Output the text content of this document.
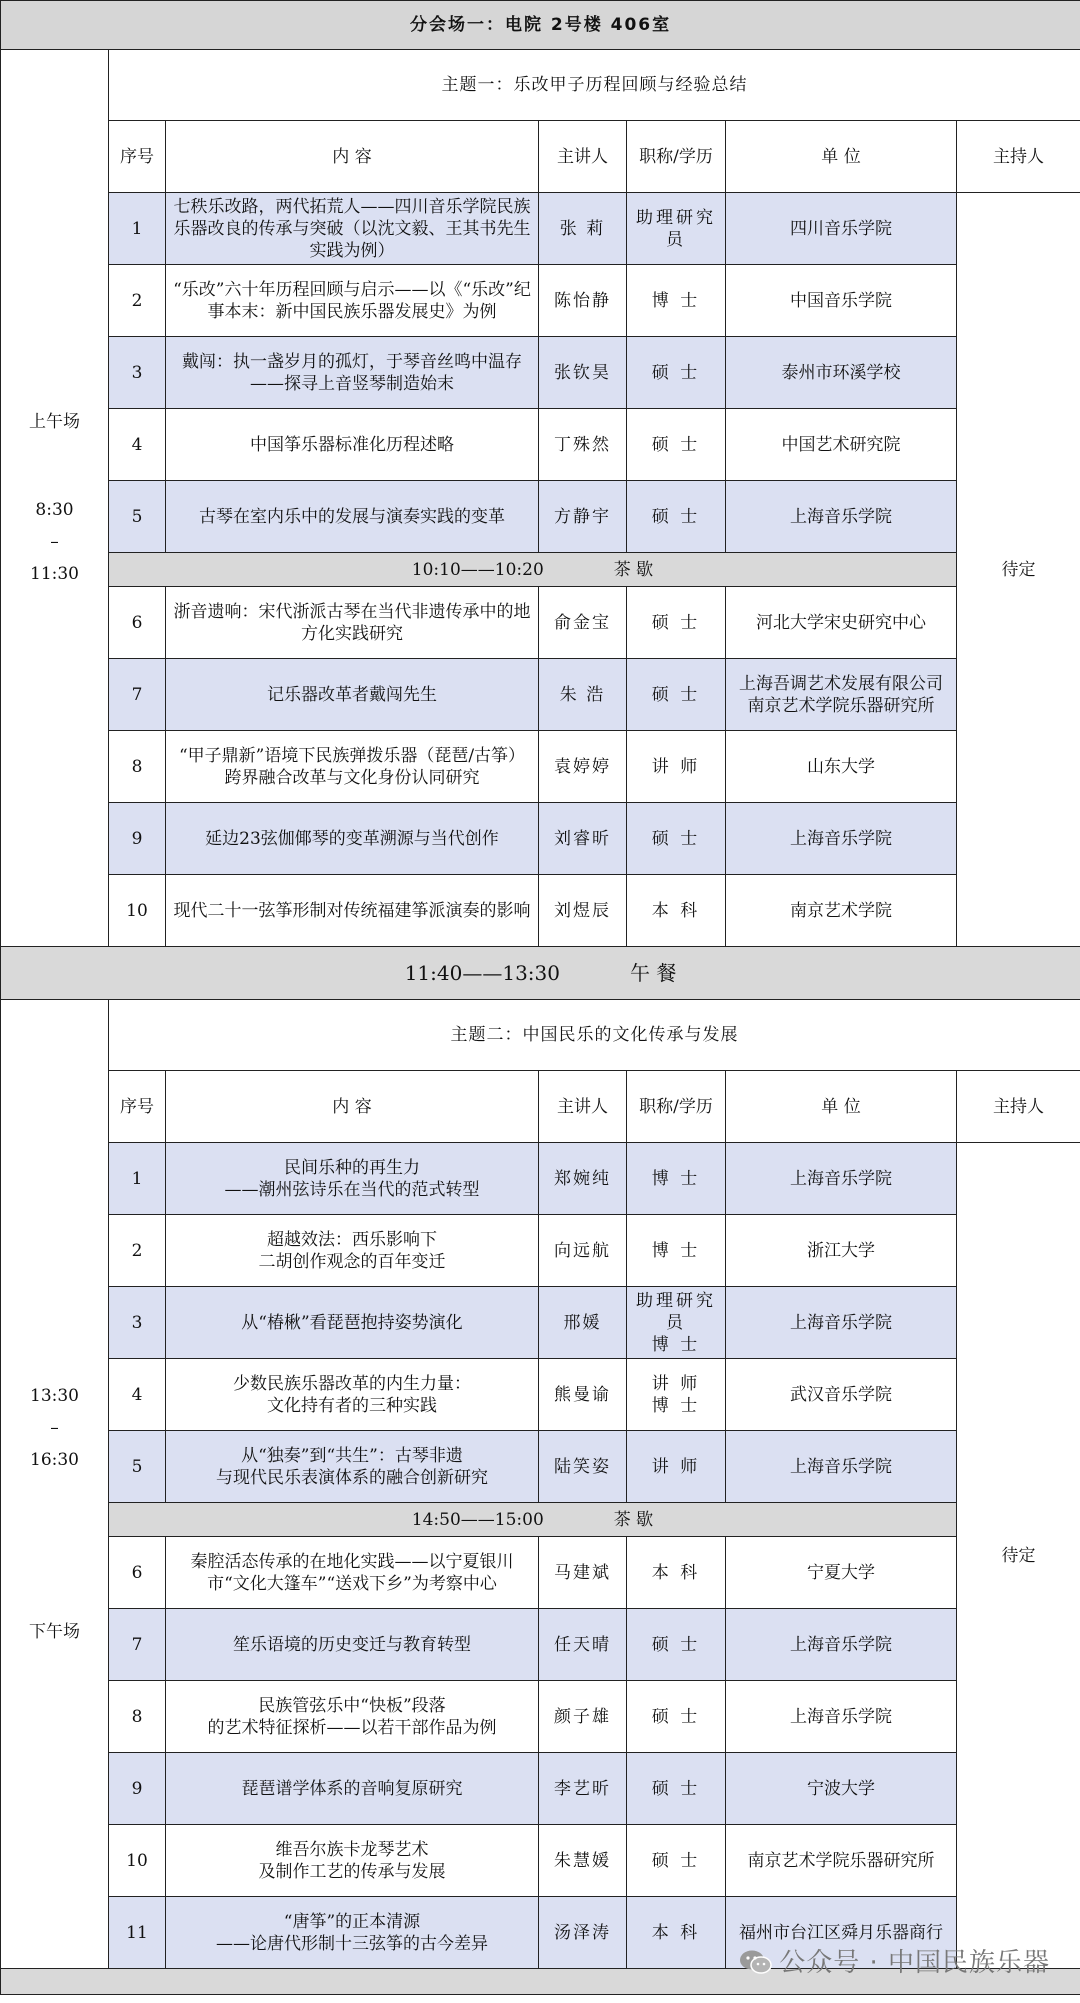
分会场一：电院 2号楼 406室						

上午场
8:30
–
11:30	主题一：乐改甲子历程回顾与经验总结					
	序号	内 容	主讲人	职称/学历	单 位	主持人
	1	七秩乐改路，两代拓荒人——四川音乐学院民族乐器改良的传承与突破（以沈文毅、王其书先生实践为例）	张 莉	助理研究员	四川音乐学院	待定
	2	“乐改”六十年历程回顾与启示——以《“乐改”纪事本末：新中国民族乐器发展史》为例	陈怡静	博 士	中国音乐学院	
	3	戴闯：执一盏岁月的孤灯，于琴音丝鸣中温存——探寻上音竖琴制造始末	张钦昊	硕 士	泰州市环溪学校	
	4	中国筝乐器标准化历程述略	丁殊然	硕 士	中国艺术研究院	
	5	古琴在室内乐中的发展与演奏实践的变革	方静宇	硕 士	上海音乐学院	
	10:10——10:20 茶 歇					
	6	浙音遗响：宋代浙派古琴在当代非遗传承中的地方化实践研究	俞金宝	硕 士	河北大学宋史研究中心	
	7	记乐器改革者戴闯先生	朱 浩	硕 士	上海吾调艺术发展有限公司
南京艺术学院乐器研究所	
	8	“甲子鼎新”语境下民族弹拨乐器（琵琶/古筝）跨界融合改革与文化身份认同研究	袁婷婷	讲 师	山东大学	
	9	延边23弦伽倻琴的变革溯源与当代创作	刘睿昕	硕 士	上海音乐学院	
	10	现代二十一弦筝形制对传统福建筝派演奏的影响	刘煜辰	本 科	南京艺术学院	
11:40——13:30 午 餐						

13:30
–
16:30
下午场	主题二：中国民乐的文化传承与发展					
	序号	内 容	主讲人	职称/学历	单 位	主持人
	1	民间乐种的再生力
——潮州弦诗乐在当代的范式转型	郑婉纯	博 士	上海音乐学院	待定
	2	超越效法：西乐影响下
二胡创作观念的百年变迁	向远航	博 士	浙江大学	
	3	从“椿楸”看琵琶抱持姿势演化	邢媛	助理研究员
博 士	上海音乐学院	
	4	少数民族乐器改革的内生力量：
文化持有者的三种实践	熊曼谕	讲 师
博 士	武汉音乐学院	
	5	从“独奏”到“共生”：古琴非遗
与现代民乐表演体系的融合创新研究	陆笑姿	讲 师	上海音乐学院	
	14:50——15:00 茶 歇					
	6	秦腔活态传承的在地化实践——以宁夏银川市“文化大篷车”“送戏下乡”为考察中心	马建斌	本 科	宁夏大学	
	7	笙乐语境的历史变迁与教育转型	任天晴	硕 士	上海音乐学院	
	8	民族管弦乐中“快板”段落
的艺术特征探析——以若干部作品为例	颜子雄	硕 士	上海音乐学院	
	9	琵琶谱学体系的音响复原研究	李艺昕	硕 士	宁波大学	
	10	维吾尔族卡龙琴艺术
及制作工艺的传承与发展	朱慧媛	硕 士	南京艺术学院乐器研究所	
	11	“唐筝”的正本清源
——论唐代形制十三弦筝的古今差异	汤泽涛	本 科	福州市台江区舜月乐器商行	

公众号 · 中国民族乐器
